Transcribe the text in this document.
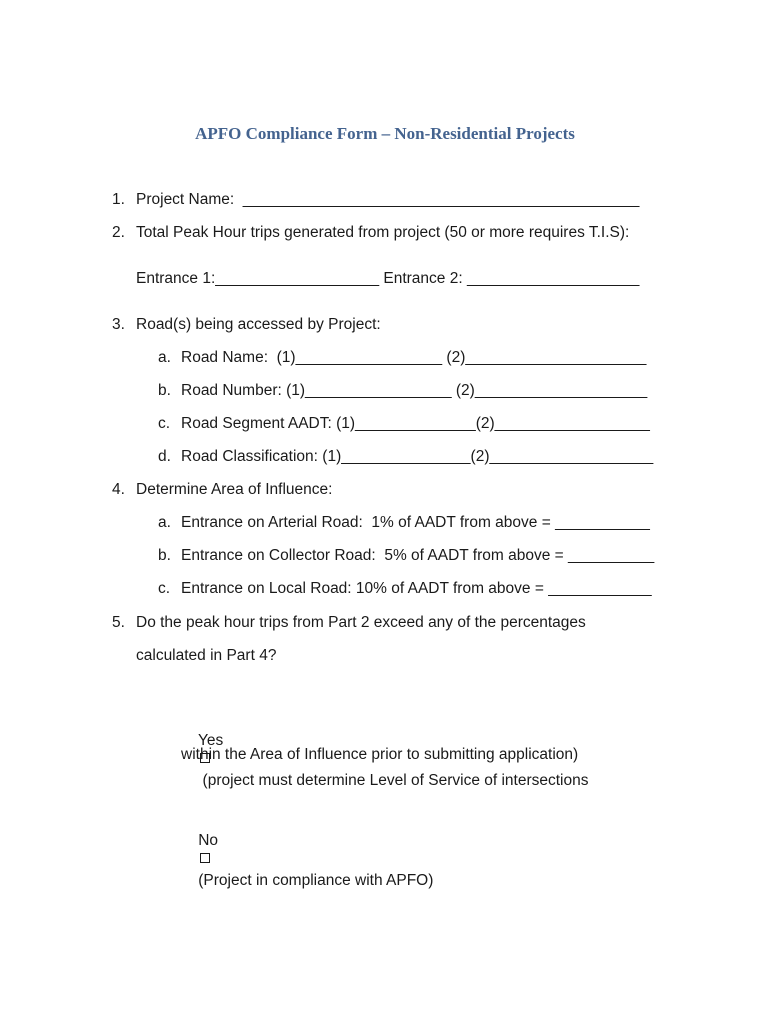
APFO Compliance Form – Non-Residential Projects
1. Project Name:  ______________________________________________
2. Total Peak Hour trips generated from project (50 or more requires T.I.S):
Entrance 1:___________________ Entrance 2: ____________________
3. Road(s) being accessed by Project:
a. Road Name:  (1)_________________ (2)_____________________
b. Road Number: (1)_________________ (2)____________________
c. Road Segment AADT: (1)______________(2)__________________
d. Road Classification: (1)_______________(2)___________________
4. Determine Area of Influence:
a. Entrance on Arterial Road:  1% of AADT from above = ___________
b. Entrance on Collector Road:  5% of AADT from above = __________
c. Entrance on Local Road: 10% of AADT from above = ____________
5. Do the peak hour trips from Part 2 exceed any of the percentages
calculated in Part 4?

Yes

(project must determine Level of Service of intersections

within the Area of Influence prior to submitting application)

No

(Project in compliance with APFO)
